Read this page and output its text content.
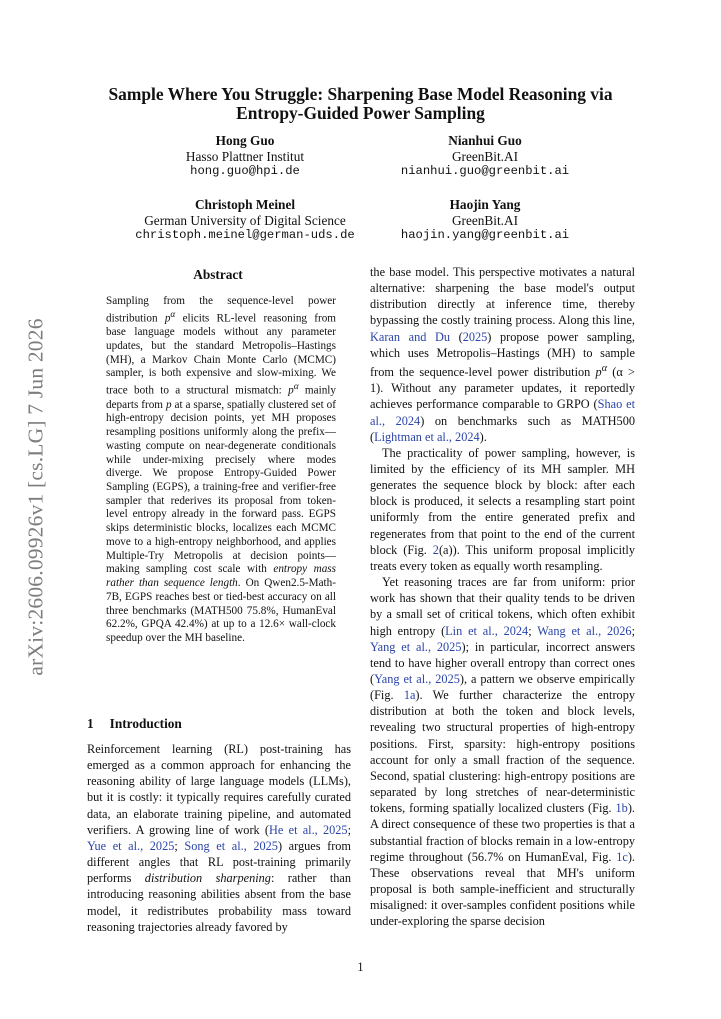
arXiv:2606.09926v1 [cs.LG] 7 Jun 2026
Sample Where You Struggle: Sharpening Base Model Reasoning via Entropy-Guided Power Sampling
Hong Guo
Hasso Plattner Institut
hong.guo@hpi.de
Nianhui Guo
GreenBit.AI
nianhui.guo@greenbit.ai
Christoph Meinel
German University of Digital Science
christoph.meinel@german-uds.de
Haojin Yang
GreenBit.AI
haojin.yang@greenbit.ai
Abstract
Sampling from the sequence-level power distribution $p^\alpha$ elicits RL-level reasoning from base language models without any parameter updates, but the standard Metropolis–Hastings (MH), a Markov Chain Monte Carlo (MCMC) sampler, is both expensive and slow-mixing. We trace both to a structural mismatch: $p^\alpha$ mainly departs from p at a sparse, spatially clustered set of high-entropy decision points, yet MH proposes resampling positions uniformly along the prefix—wasting compute on near-degenerate conditionals while under-mixing precisely where modes diverge. We propose Entropy-Guided Power Sampling (EGPS), a training-free and verifier-free sampler that rederives its proposal from token-level entropy already in the forward pass. EGPS skips deterministic blocks, localizes each MCMC move to a high-entropy neighborhood, and applies Multiple-Try Metropolis at decision points—making sampling cost scale with entropy mass rather than sequence length. On Qwen2.5-Math-7B, EGPS reaches best or tied-best accuracy on all three benchmarks (MATH500 75.8%, HumanEval 62.2%, GPQA 42.4%) at up to a 12.6× wall-clock speedup over the MH baseline.
1 Introduction
Reinforcement learning (RL) post-training has emerged as a common approach for enhancing the reasoning ability of large language models (LLMs), but it is costly: it typically requires carefully curated data, an elaborate training pipeline, and automated verifiers. A growing line of work (He et al., 2025; Yue et al., 2025; Song et al., 2025) argues from different angles that RL post-training primarily performs distribution sharpening: rather than introducing reasoning abilities absent from the base model, it redistributes probability mass toward reasoning trajectories already favored by

the base model. This perspective motivates a natural alternative: sharpening the base model's output distribution directly at inference time, thereby bypassing the costly training process. Along this line, Karan and Du (2025) propose power sampling, which uses Metropolis–Hastings (MH) to sample from the sequence-level power distribution $p^\alpha$ (α > 1). Without any parameter updates, it reportedly achieves performance comparable to GRPO (Shao et al., 2024) on benchmarks such as MATH500 (Lightman et al., 2024).

The practicality of power sampling, however, is limited by the efficiency of its MH sampler. MH generates the sequence block by block: after each block is produced, it selects a resampling start point uniformly from the entire generated prefix and regenerates from that point to the end of the current block (Fig. 2(a)). This uniform proposal implicitly treats every token as equally worth resampling.

Yet reasoning traces are far from uniform: prior work has shown that their quality tends to be driven by a small set of critical tokens, which often exhibit high entropy (Lin et al., 2024; Wang et al., 2026; Yang et al., 2025); in particular, incorrect answers tend to have higher overall entropy than correct ones (Yang et al., 2025), a pattern we observe empirically (Fig. 1a). We further characterize the entropy distribution at both the token and block levels, revealing two structural properties of high-entropy positions. First, sparsity: high-entropy positions account for only a small fraction of the sequence. Second, spatial clustering: high-entropy positions are separated by long stretches of near-deterministic tokens, forming spatially localized clusters (Fig. 1b). A direct consequence of these two properties is that a substantial fraction of blocks remain in a low-entropy regime throughout (56.7% on HumanEval, Fig. 1c). These observations reveal that MH's uniform proposal is both sample-inefficient and structurally misaligned: it over-samples confident positions while under-exploring the sparse decision

1
